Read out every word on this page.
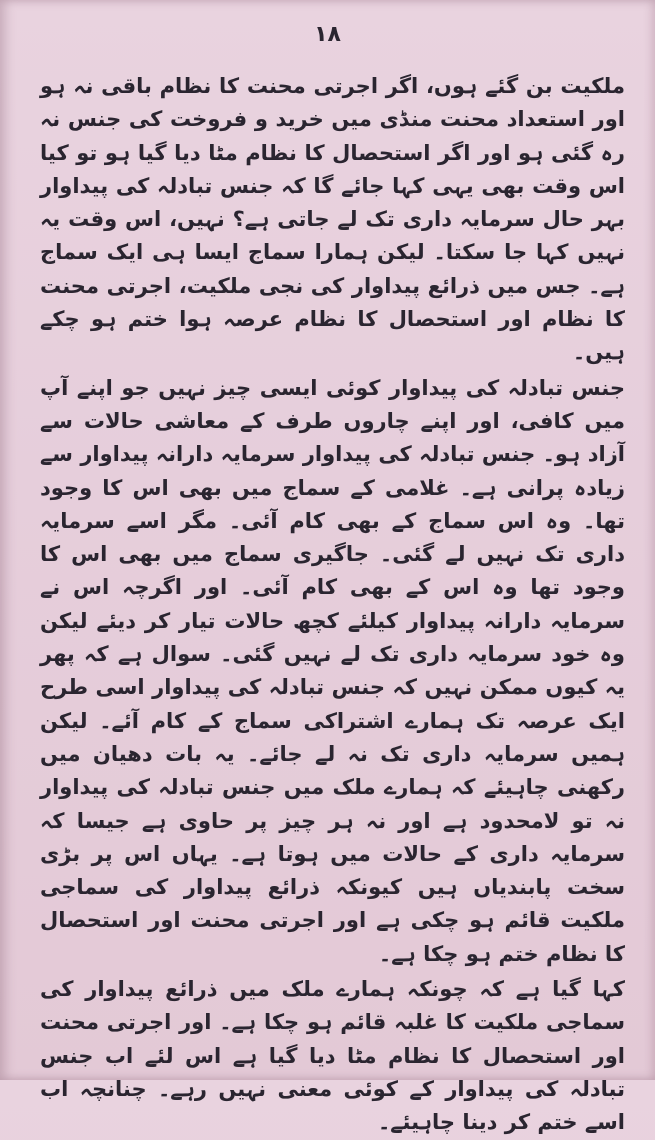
۱۸

ملکیت بن گئے ہوں، اگر اجرتی محنت کا نظام باقی نہ ہو اور استعداد محنت منڈی میں خرید و فروخت کی جنس نہ رہ گئی ہو اور اگر استحصال کا نظام مٹا دیا گیا ہو تو کیا اس وقت بھی یہی کہا جائے گا کہ جنس تبادلہ کی پیداوار بہر حال سرمایہ داری تک لے جاتی ہے؟ نہیں، اس وقت یہ نہیں کہا جا سکتا۔ لیکن ہمارا سماج ایسا ہی ایک سماج ہے۔ جس میں ذرائع پیداوار کی نجی ملکیت، اجرتی محنت کا نظام اور استحصال کا نظام عرصہ ہوا ختم ہو چکے ہیں۔

جنس تبادلہ کی پیداوار کوئی ایسی چیز نہیں جو اپنے آپ میں کافی، اور اپنے چاروں طرف کے معاشی حالات سے آزاد ہو۔ جنس تبادلہ کی پیداوار سرمایہ دارانہ پیداوار سے زیادہ پرانی ہے۔ غلامی کے سماج میں بھی اس کا وجود تھا۔ وہ اس سماج کے بھی کام آئی۔ مگر اسے سرمایہ داری تک نہیں لے گئی۔ جاگیری سماج میں بھی اس کا وجود تھا وہ اس کے بھی کام آئی۔ اور اگرچہ اس نے سرمایہ دارانہ پیداوار کیلئے کچھ حالات تیار کر دیئے لیکن وہ خود سرمایہ داری تک لے نہیں گئی۔ سوال ہے کہ پھر یہ کیوں ممکن نہیں کہ جنس تبادلہ کی پیداوار اسی طرح ایک عرصہ تک ہمارے اشتراکی سماج کے کام آئے۔ لیکن ہمیں سرمایہ داری تک نہ لے جائے۔ یہ بات دھیان میں رکھنی چاہیئے کہ ہمارے ملک میں جنس تبادلہ کی پیداوار نہ تو لامحدود ہے اور نہ ہر چیز پر حاوی ہے جیسا کہ سرمایہ داری کے حالات میں ہوتا ہے۔ یہاں اس پر بڑی سخت پابندیاں ہیں کیونکہ ذرائع پیداوار کی سماجی ملکیت قائم ہو چکی ہے اور اجرتی محنت اور استحصال کا نظام ختم ہو چکا ہے۔

کہا گیا ہے کہ چونکہ ہمارے ملک میں ذرائع پیداوار کی سماجی ملکیت کا غلبہ قائم ہو چکا ہے۔ اور اجرتی محنت اور استحصال کا نظام مٹا دیا گیا ہے اس لئے اب جنس تبادلہ کی پیداوار کے کوئی معنی نہیں رہے۔ چنانچہ اب اسے ختم کر دینا چاہیئے۔
